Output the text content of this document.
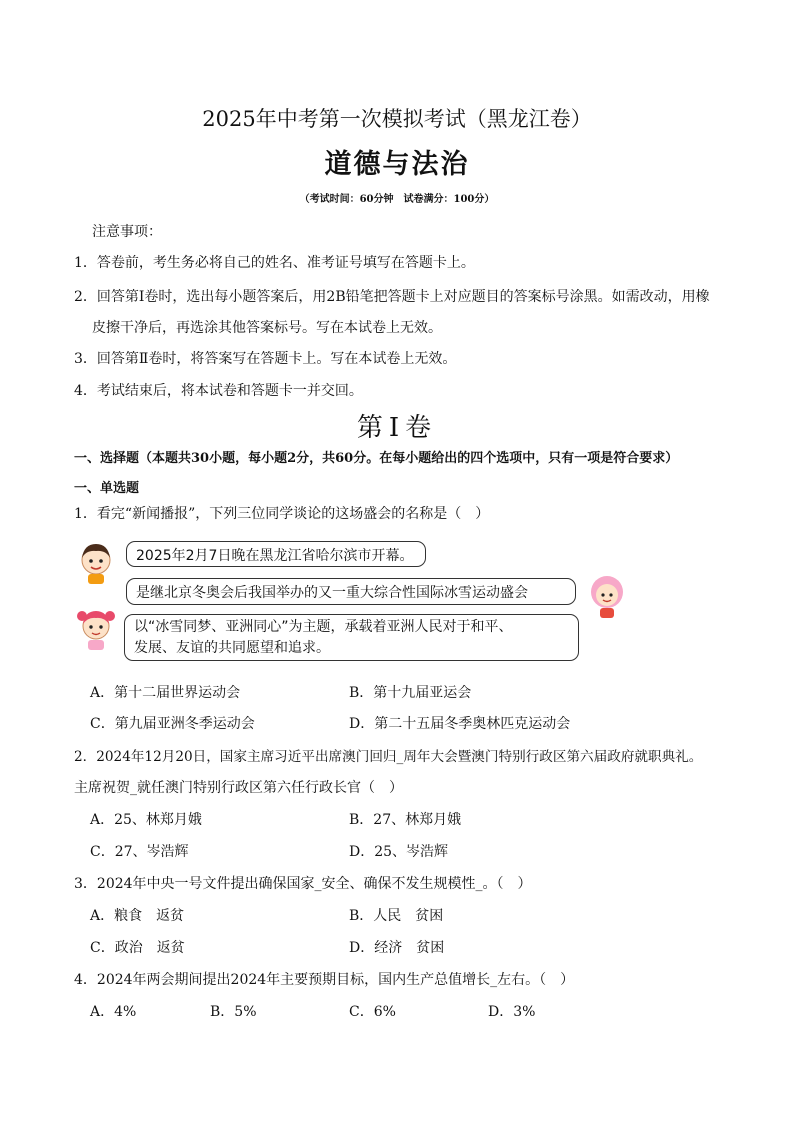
2025年中考第一次模拟考试（黑龙江卷）
道德与法治
（考试时间：60分钟　试卷满分：100分）
注意事项：
1．答卷前，考生务必将自己的姓名、准考证号填写在答题卡上。
2．回答第Ⅰ卷时，选出每小题答案后，用2B铅笔把答题卡上对应题目的答案标号涂黑。如需改动，用橡
皮擦干净后，再选涂其他答案标号。写在本试卷上无效。
3．回答第Ⅱ卷时，将答案写在答题卡上。写在本试卷上无效。
4．考试结束后，将本试卷和答题卡一并交回。
第Ⅰ卷
一、选择题（本题共30小题，每小题2分，共60分。在每小题给出的四个选项中，只有一项是符合要求）
一、单选题
1．看完“新闻播报”，下列三位同学谈论的这场盛会的名称是（　）
2025年2月7日晚在黑龙江省哈尔滨市开幕。
是继北京冬奥会后我国举办的又一重大综合性国际冰雪运动盛会
以“冰雪同梦、亚洲同心”为主题，承载着亚洲人民对于和平、
发展、友谊的共同愿望和追求。
A．第十二届世界运动会	B．第十九届亚运会
C．第九届亚洲冬季运动会	D．第二十五届冬季奥林匹克运动会
2．2024年12月20日，国家主席习近平出席澳门回归_周年大会暨澳门特别行政区第六届政府就职典礼。
主席祝贺_就任澳门特别行政区第六任行政长官（　）
A．25、林郑月娥	B．27、林郑月娥
C．27、岑浩辉	D．25、岑浩辉
3．2024年中央一号文件提出确保国家_安全、确保不发生规模性_。（　）
A．粮食　返贫	B．人民　贫困
C．政治　返贫	D．经济　贫困
4．2024年两会期间提出2024年主要预期目标，国内生产总值增长_左右。（　）
A．4%	B．5%	C．6%	D．3%
